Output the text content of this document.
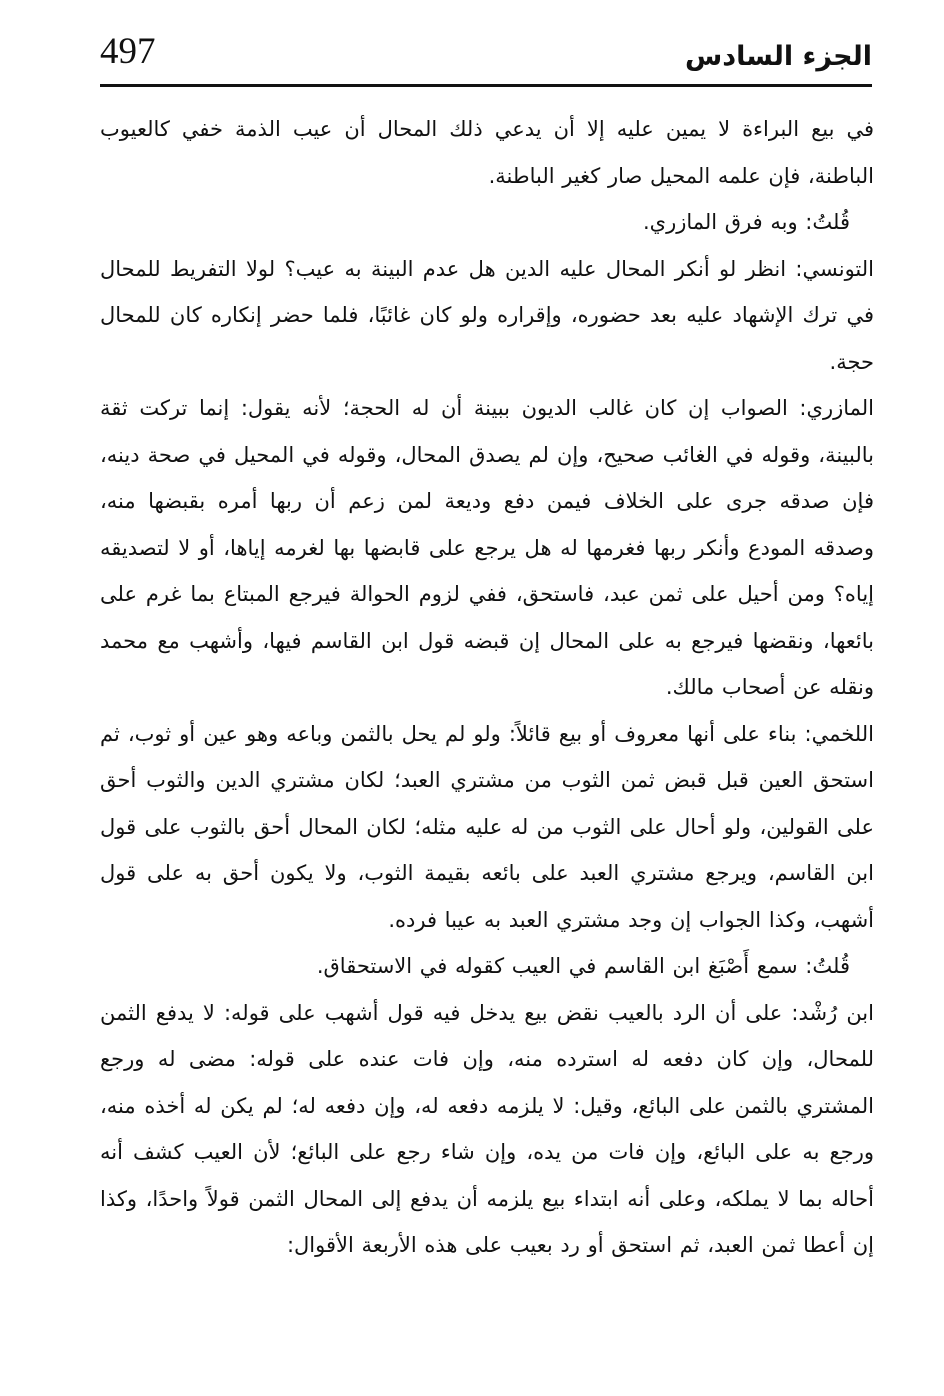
497	الجزء السادس

في بيع البراءة لا يمين عليه إلا أن يدعي ذلك المحال أن عيب الذمة خفي كالعيوب الباطنة، فإن علمه المحيل صار كغير الباطنة.

قُلتُ: وبه فرق المازري.

التونسي: انظر لو أنكر المحال عليه الدين هل عدم البينة به عيب؟ لولا التفريط للمحال في ترك الإشهاد عليه بعد حضوره، وإقراره ولو كان غائبًا، فلما حضر إنكاره كان للمحال حجة.

المازري: الصواب إن كان غالب الديون ببينة أن له الحجة؛ لأنه يقول: إنما تركت ثقة بالبينة، وقوله في الغائب صحيح، وإن لم يصدق المحال، وقوله في المحيل في صحة دينه، فإن صدقه جرى على الخلاف فيمن دفع وديعة لمن زعم أن ربها أمره بقبضها منه، وصدقه المودع وأنكر ربها فغرمها له هل يرجع على قابضها بها لغرمه إياها، أو لا لتصديقه إياه؟ ومن أحيل على ثمن عبد، فاستحق، ففي لزوم الحوالة فيرجع المبتاع بما غرم على بائعها، ونقضها فيرجع به على المحال إن قبضه قول ابن القاسم فيها، وأشهب مع محمد ونقله عن أصحاب مالك.

اللخمي: بناء على أنها معروف أو بيع قائلاً: ولو لم يحل بالثمن وباعه وهو عين أو ثوب، ثم استحق العين قبل قبض ثمن الثوب من مشتري العبد؛ لكان مشتري الدين والثوب أحق على القولين، ولو أحال على الثوب من له عليه مثله؛ لكان المحال أحق بالثوب على قول ابن القاسم، ويرجع مشتري العبد على بائعه بقيمة الثوب، ولا يكون أحق به على قول أشهب، وكذا الجواب إن وجد مشتري العبد به عيبا فرده.

قُلتُ: سمع أَصْبَغ ابن القاسم في العيب كقوله في الاستحقاق.

ابن رُشْد: على أن الرد بالعيب نقض بيع يدخل فيه قول أشهب على قوله: لا يدفع الثمن للمحال، وإن كان دفعه له استرده منه، وإن فات عنده على قوله: مضى له ورجع المشتري بالثمن على البائع، وقيل: لا يلزمه دفعه له، وإن دفعه له؛ لم يكن له أخذه منه، ورجع به على البائع، وإن فات من يده، وإن شاء رجع على البائع؛ لأن العيب كشف أنه أحاله بما لا يملكه، وعلى أنه ابتداء بيع يلزمه أن يدفع إلى المحال الثمن قولاً واحدًا، وكذا إن أعطا ثمن العبد، ثم استحق أو رد بعيب على هذه الأربعة الأقوال:
